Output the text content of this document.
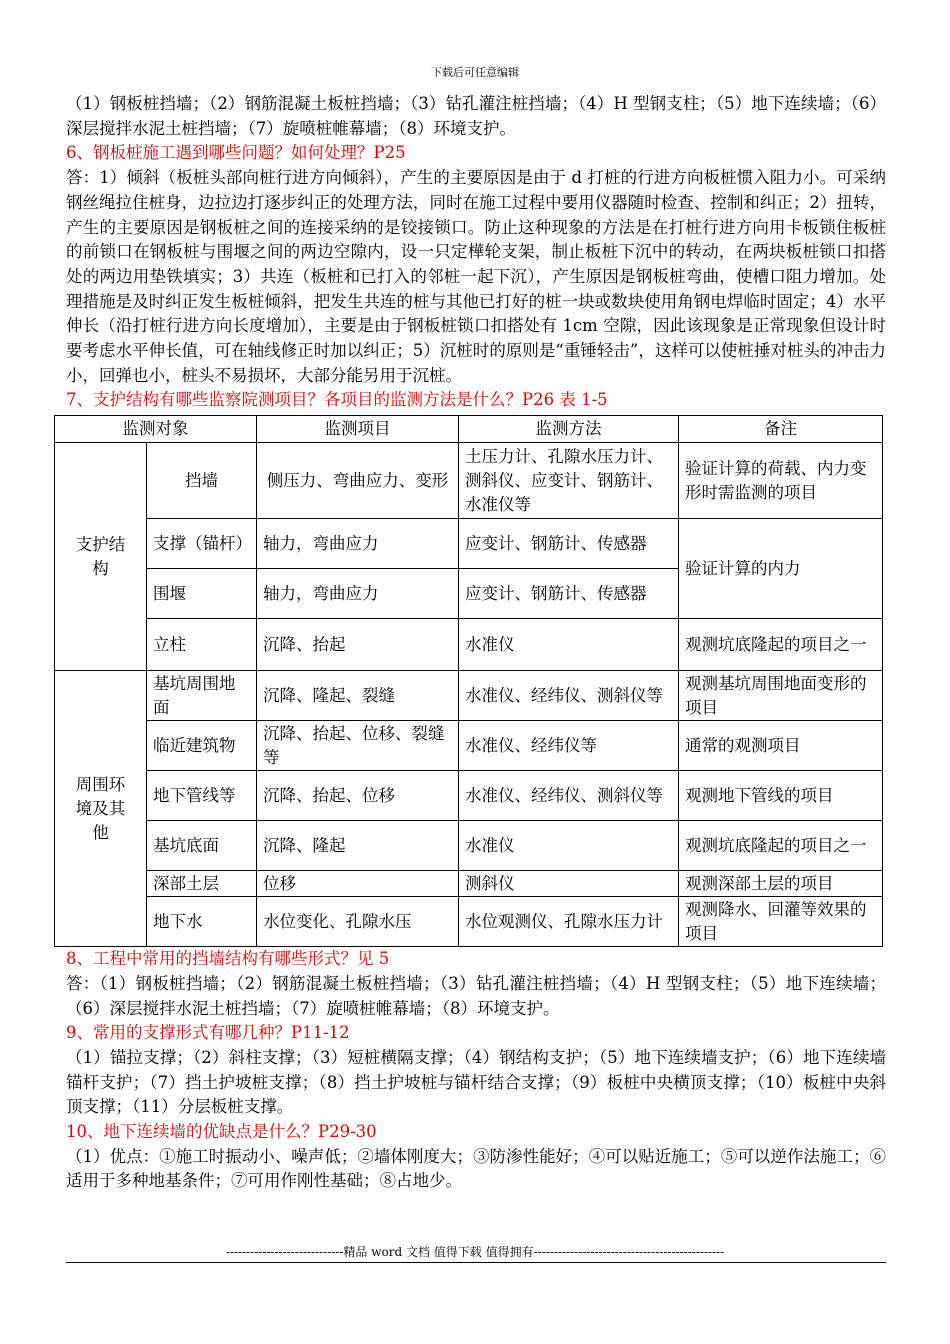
下载后可任意编辑

（1）钢板桩挡墙；（2）钢筋混凝土板桩挡墙；（3）钻孔灌注桩挡墙；（4）H 型钢支柱；（5）地下连续墙；（6）深层搅拌水泥土桩挡墙；（7）旋喷桩帷幕墙；（8）环境支护。

6、钢板桩施工遇到哪些问题？如何处理？P25

答：1）倾斜（板桩头部向桩行进方向倾斜），产生的主要原因是由于 d 打桩的行进方向板桩惯入阻力小。可采纳钢丝绳拉住桩身，边拉边打逐步纠正的处理方法，同时在施工过程中要用仪器随时检查、控制和纠正；2）扭转，产生的主要原因是钢板桩之间的连接采纳的是铰接锁口。防止这种现象的方法是在打桩行进方向用卡板锁住板桩的前锁口在钢板桩与围堰之间的两边空隙内，设一只定樺轮支架，制止板桩下沉中的转动，在两块板桩锁口扣搭处的两边用垫铁填实；3）共连（板桩和已打入的邻桩一起下沉），产生原因是钢板桩弯曲，使槽口阻力增加。处理措施是及时纠正发生板桩倾斜，把发生共连的桩与其他已打好的桩一块或数块使用角钢电焊临时固定；4）水平伸长（沿打桩行进方向长度增加），主要是由于钢板桩锁口扣搭处有 1cm 空隙，因此该现象是正常现象但设计时要考虑水平伸长值，可在轴线修正时加以纠正；5）沉桩时的原则是“重锤轻击”，这样可以使桩捶对桩头的冲击力小，回弹也小，桩头不易损坏，大部分能另用于沉桩。

7、支护结构有哪些监察院测项目？各项目的监测方法是什么？P26 表 1-5

监测对象		监测项目	监测方法	备注

支护结构	挡墙	侧压力、弯曲应力、变形	土压力计、孔隙水压力计、测斜仪、应变计、钢筋计、水准仪等	验证计算的荷载、内力变形时需监测的项目
	支撑（锚杆）	轴力，弯曲应力	应变计、钢筋计、传感器	验证计算的内力
	围堰	轴力，弯曲应力	应变计、钢筋计、传感器	
	立柱	沉降、抬起	水准仪	观测坑底隆起的项目之一

周围环境及其他	基坑周围地面	沉降、隆起、裂缝	水准仪、经纬仪、测斜仪等	观测基坑周围地面变形的项目
	临近建筑物	沉降、抬起、位移、裂缝等	水准仪、经纬仪等	通常的观测项目
	地下管线等	沉降、抬起、位移	水准仪、经纬仪、测斜仪等	观测地下管线的项目
	基坑底面	沉降、隆起	水准仪	观测坑底隆起的项目之一
	深部土层	位移	测斜仪	观测深部土层的项目
	地下水	水位变化、孔隙水压	水位观测仪、孔隙水压力计	观测降水、回灌等效果的项目

8、工程中常用的挡墙结构有哪些形式？见 5

答：（1）钢板桩挡墙；（2）钢筋混凝土板桩挡墙；（3）钻孔灌注桩挡墙；（4）H 型钢支柱；（5）地下连续墙；（6）深层搅拌水泥土桩挡墙；（7）旋喷桩帷幕墙；（8）环境支护。

9、常用的支撑形式有哪几种？P11-12

（1）锚拉支撑；（2）斜柱支撑；（3）短桩横隔支撑；（4）钢结构支护；（5）地下连续墙支护；（6）地下连续墙锚杆支护；（7）挡土护坡桩支撑；（8）挡土护坡桩与锚杆结合支撑；（9）板桩中央横顶支撑；（10）板桩中央斜顶支撑；（11）分层板桩支撑。

10、地下连续墙的优缺点是什么？P29-30

（1）优点：①施工时振动小、噪声低；②墙体刚度大；③防渗性能好；④可以贴近施工；⑤可以逆作法施工；⑥适用于多种地基条件；⑦可用作刚性基础；⑧占地少。

-----------------------------精品 word 文档 值得下载 值得拥有-----------------------------------------------
